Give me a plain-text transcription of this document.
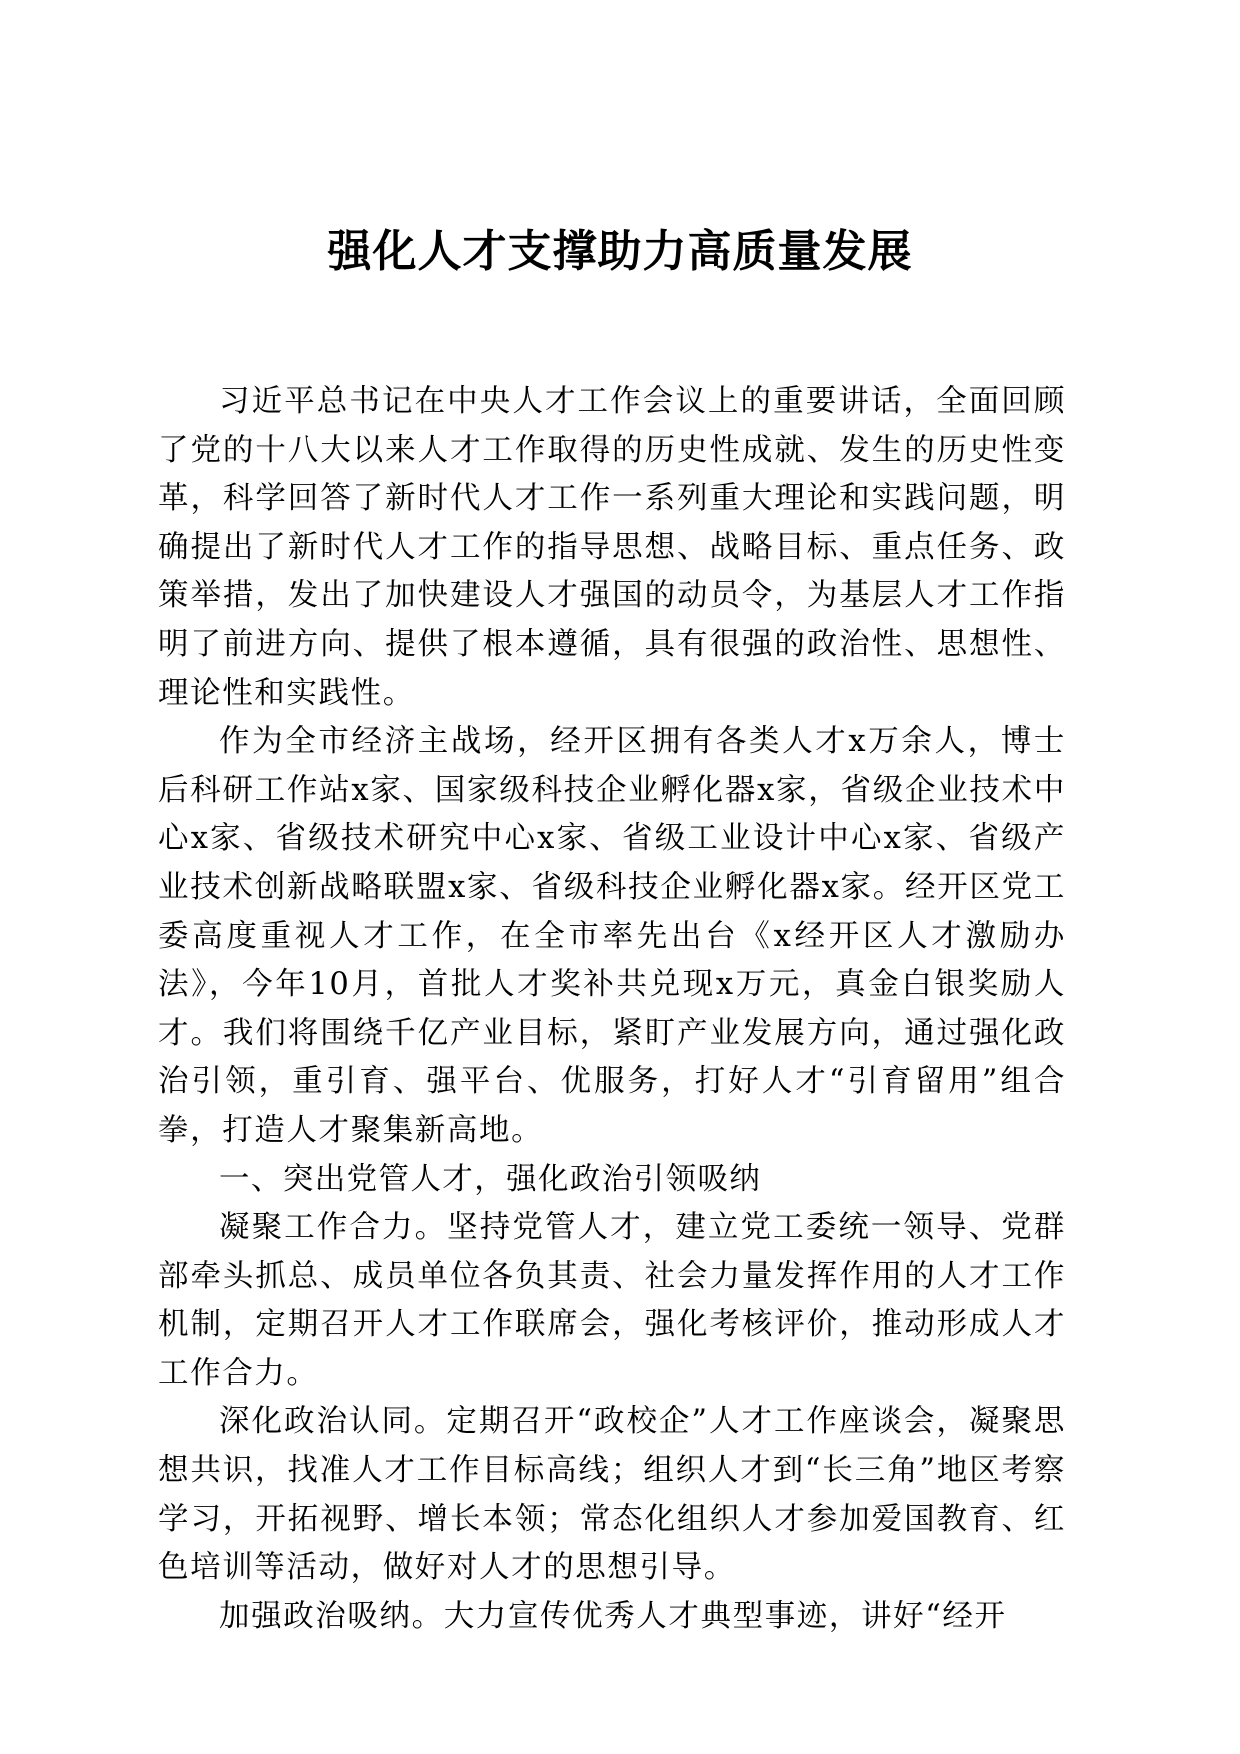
强化人才支撑助力高质量发展

习近平总书记在中央人才工作会议上的重要讲话，全面回顾了党的十八大以来人才工作取得的历史性成就、发生的历史性变革，科学回答了新时代人才工作一系列重大理论和实践问题，明确提出了新时代人才工作的指导思想、战略目标、重点任务、政策举措，发出了加快建设人才强国的动员令，为基层人才工作指明了前进方向、提供了根本遵循，具有很强的政治性、思想性、理论性和实践性。

作为全市经济主战场，经开区拥有各类人才x万余人，博士后科研工作站x家、国家级科技企业孵化器x家，省级企业技术中心x家、省级技术研究中心x家、省级工业设计中心x家、省级产业技术创新战略联盟x家、省级科技企业孵化器x家。经开区党工委高度重视人才工作，在全市率先出台《x经开区人才激励办法》，今年10月，首批人才奖补共兑现x万元，真金白银奖励人才。我们将围绕千亿产业目标，紧盯产业发展方向，通过强化政治引领，重引育、强平台、优服务，打好人才“引育留用”组合拳，打造人才聚集新高地。

一、突出党管人才，强化政治引领吸纳

凝聚工作合力。坚持党管人才，建立党工委统一领导、党群部牵头抓总、成员单位各负其责、社会力量发挥作用的人才工作机制，定期召开人才工作联席会，强化考核评价，推动形成人才工作合力。

深化政治认同。定期召开“政校企”人才工作座谈会，凝聚思想共识，找准人才工作目标高线；组织人才到“长三角”地区考察学习，开拓视野、增长本领；常态化组织人才参加爱国教育、红色培训等活动，做好对人才的思想引导。

加强政治吸纳。大力宣传优秀人才典型事迹，讲好“经开
